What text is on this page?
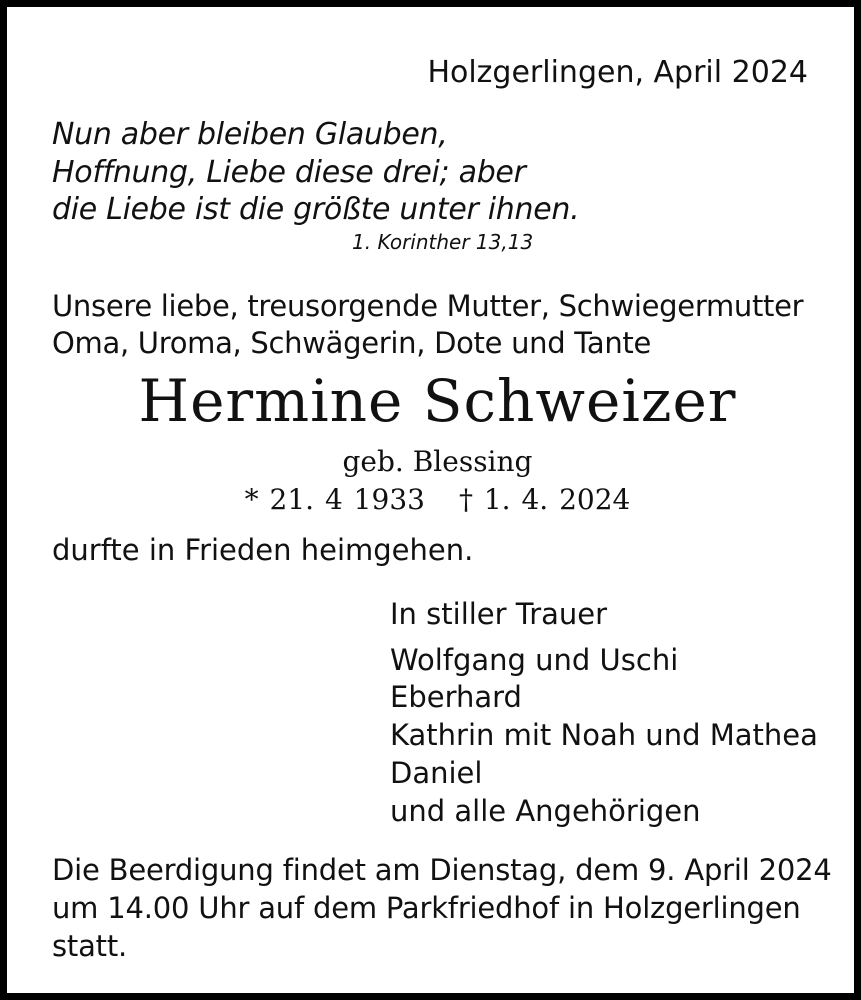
Holzgerlingen, April 2024

Nun aber bleiben Glauben,

Hoffnung, Liebe diese drei; aber

die Liebe ist die größte unter ihnen.

1. Korinther 13,13

Unsere liebe, treusorgende Mutter, Schwiegermutter

Oma, Uroma, Schwägerin, Dote und Tante

Hermine Schweizer

geb. Blessing

* 21. 4 1933 † 1. 4. 2024

durfte in Frieden heimgehen.

In stiller Trauer

Wolfgang und Uschi

Eberhard

Kathrin mit Noah und Mathea

Daniel

und alle Angehörigen

Die Beerdigung findet am Dienstag, dem 9. April 2024

um 14.00 Uhr auf dem Parkfriedhof in Holzgerlingen

statt.
